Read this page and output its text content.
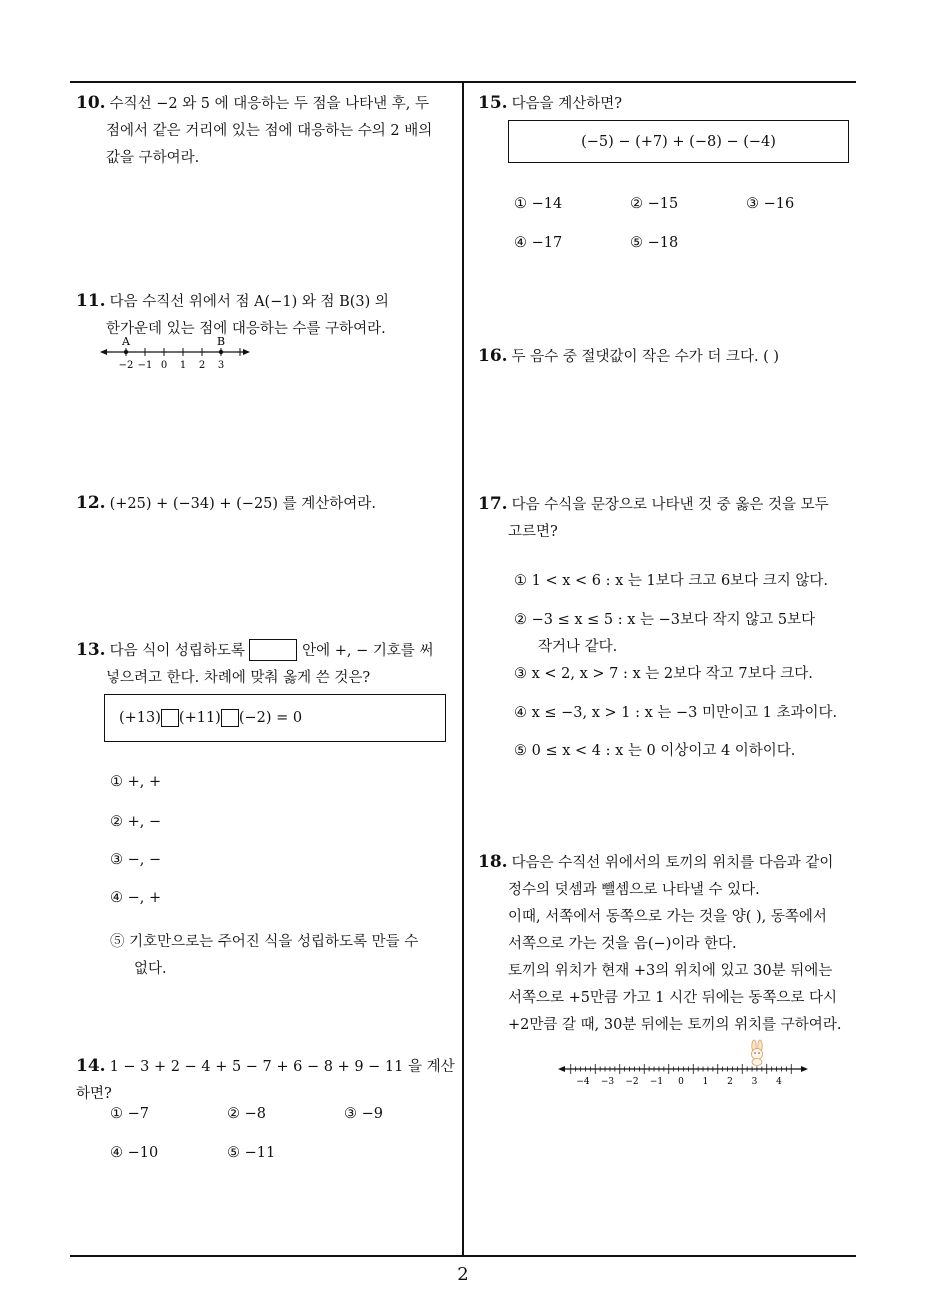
2
10. 수직선 −2 와 5 에 대응하는 두 점을 나타낸 후, 두
점에서 같은 거리에 있는 점에 대응하는 수의 2 배의
값을 구하여라.
11. 다음 수직선 위에서 점 A(−1) 와 점 B(3) 의
한가운데 있는 점에 대응하는 수를 구하여라.
A	B
−2 −1 0 1 2 3
12. (+25) + (−34) + (−25) 를 계산하여라.
13. 다음 식이 성립하도록	안에 +, − 기호를 써
넣으려고 한다. 차례에 맞춰 옳게 쓴 것은?
(+13) (+11) (−2) = 0
① +, +
② +, −
③ −, −
④ −, +
⑤ 기호만으로는 주어진 식을 성립하도록 만들 수
없다.
14. 1 − 3 + 2 − 4 + 5 − 7 + 6 − 8 + 9 − 11 을 계산하면?
① −7	② −8	③ −9
④ −10	⑤ −11
15. 다음을 계산하면?
(−5) − (+7) + (−8) − (−4)
① −14	② −15	③ −16
④ −17	⑤ −18
16. 두 음수 중 절댓값이 작은 수가 더 크다. ( )
17. 다음 수식을 문장으로 나타낸 것 중 옳은 것을 모두
고르면?
① 1 < x < 6 : x 는 1보다 크고 6보다 크지 않다.
② −3 ≤ x ≤ 5 : x 는 −3보다 작지 않고 5보다
작거나 같다.
③ x < 2, x > 7 : x 는 2보다 작고 7보다 크다.
④ x ≤ −3, x > 1 : x 는 −3 미만이고 1 초과이다.
⑤ 0 ≤ x < 4 : x 는 0 이상이고 4 이하이다.
18. 다음은 수직선 위에서의 토끼의 위치를 다음과 같이
정수의 덧셈과 뺄셈으로 나타낼 수 있다.
이때, 서쪽에서 동쪽으로 가는 것을 양( ), 동쪽에서
서쪽으로 가는 것을 음(−)이라 한다.
토끼의 위치가 현재 +3의 위치에 있고 30분 뒤에는
서쪽으로 +5만큼 가고 1 시간 뒤에는 동쪽으로 다시
+2만큼 갈 때, 30분 뒤에는 토끼의 위치를 구하여라.
−4 −3 −2 −1 0 1 2 3 4
